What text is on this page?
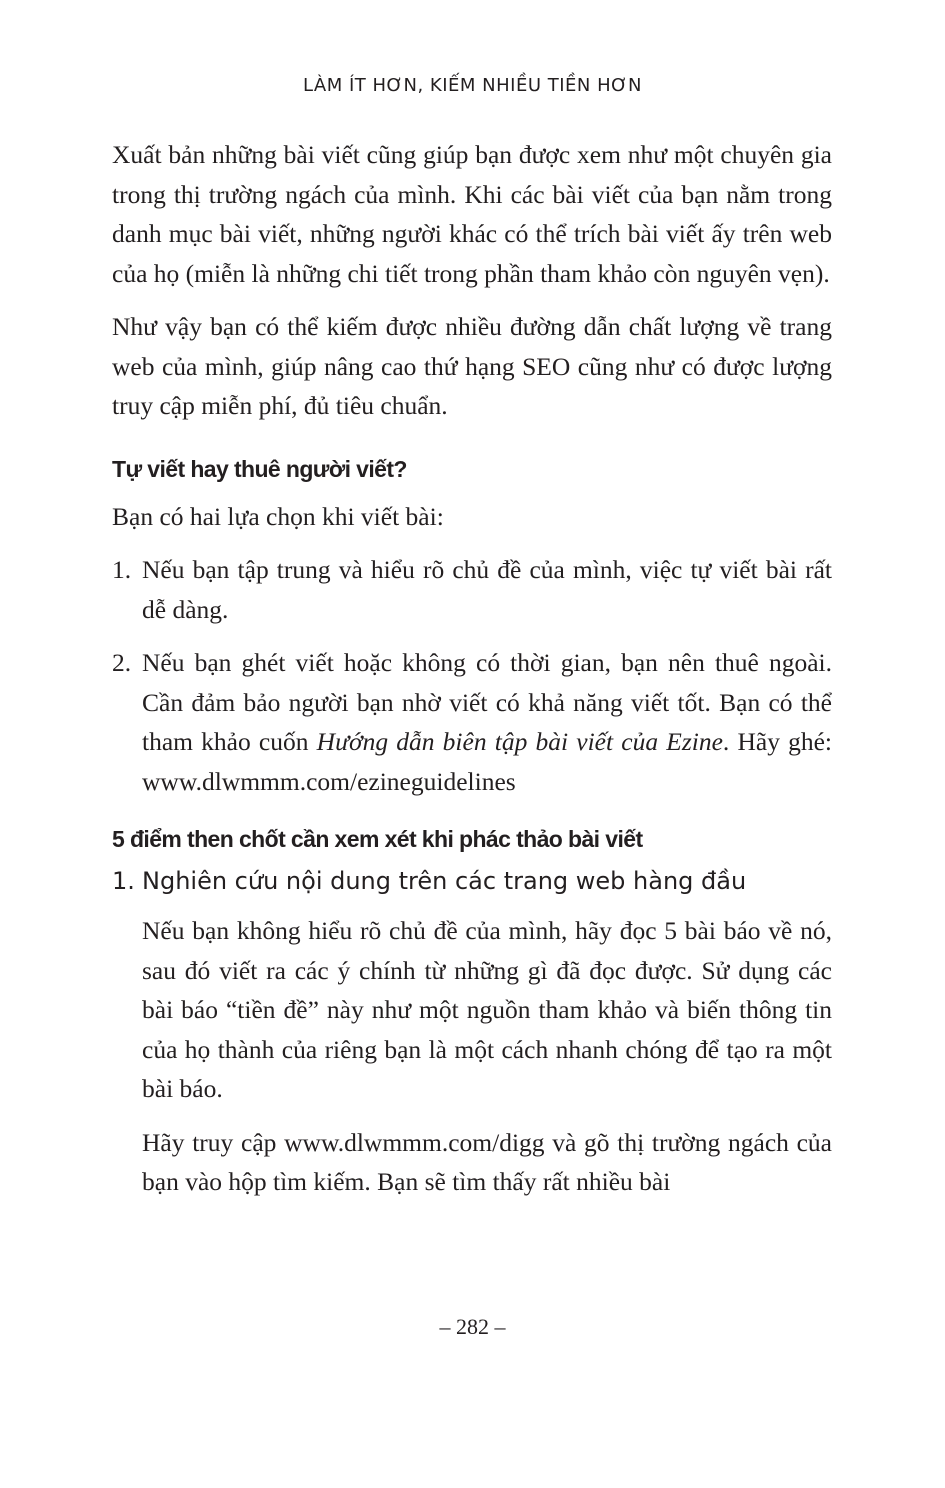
LÀM ÍT HƠN, KIẾM NHIỀU TIỀN HƠN

Xuất bản những bài viết cũng giúp bạn được xem như một chuyên gia trong thị trường ngách của mình. Khi các bài viết của bạn nằm trong danh mục bài viết, những người khác có thể trích bài viết ấy trên web của họ (miễn là những chi tiết trong phần tham khảo còn nguyên vẹn).

Như vậy bạn có thể kiếm được nhiều đường dẫn chất lượng về trang web của mình, giúp nâng cao thứ hạng SEO cũng như có được lượng truy cập miễn phí, đủ tiêu chuẩn.

Tự viết hay thuê người viết?

Bạn có hai lựa chọn khi viết bài:

1. Nếu bạn tập trung và hiểu rõ chủ đề của mình, việc tự viết bài rất dễ dàng.
2. Nếu bạn ghét viết hoặc không có thời gian, bạn nên thuê ngoài. Cần đảm bảo người bạn nhờ viết có khả năng viết tốt. Bạn có thể tham khảo cuốn Hướng dẫn biên tập bài viết của Ezine. Hãy ghé: www.dlwmmm.com/ezineguidelines
5 điểm then chốt cần xem xét khi phác thảo bài viết
1. Nghiên cứu nội dung trên các trang web hàng đầu

Nếu bạn không hiểu rõ chủ đề của mình, hãy đọc 5 bài báo về nó, sau đó viết ra các ý chính từ những gì đã đọc được. Sử dụng các bài báo “tiền đề” này như một nguồn tham khảo và biến thông tin của họ thành của riêng bạn là một cách nhanh chóng để tạo ra một bài báo.

Hãy truy cập www.dlwmmm.com/digg và gõ thị trường ngách của bạn vào hộp tìm kiếm. Bạn sẽ tìm thấy rất nhiều bài

– 282 –
